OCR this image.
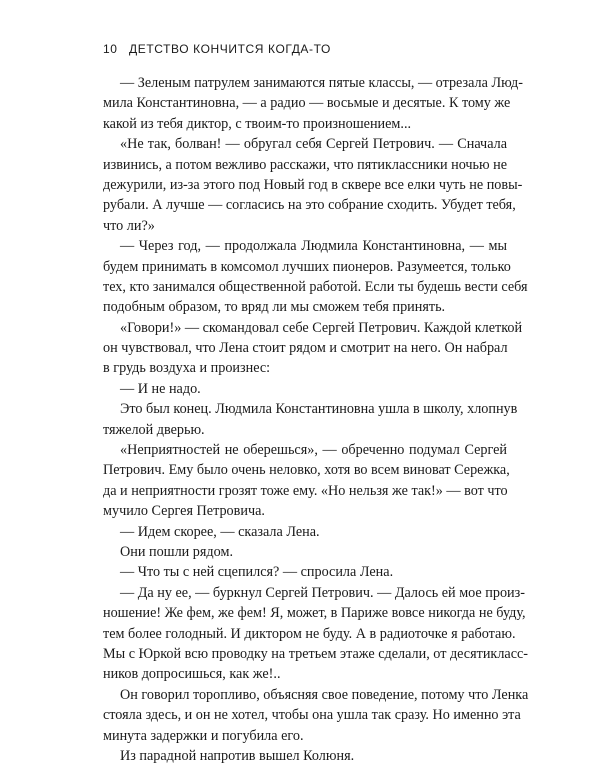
10 ДЕТСТВО КОНЧИТСЯ КОГДА-ТО
— Зеленым патрулем занимаются пятые классы, — отрезала Люд-
мила Константиновна, — а радио — восьмые и десятые. К тому же
какой из тебя диктор, с твоим-то произношением...
«Не так, болван! — обругал себя Сергей Петрович. — Сначала
извинись, а потом вежливо расскажи, что пятиклассники ночью не
дежурили, из-за этого под Новый год в сквере все елки чуть не повы-
рубали. А лучше — согласись на это собрание сходить. Убудет тебя,
что ли?»
— Через год, — продолжала Людмила Константиновна, — мы
будем принимать в комсомол лучших пионеров. Разумеется, только
тех, кто занимался общественной работой. Если ты будешь вести себя
подобным образом, то вряд ли мы сможем тебя принять.
«Говори!» — скомандовал себе Сергей Петрович. Каждой клеткой
он чувствовал, что Лена стоит рядом и смотрит на него. Он набрал
в грудь воздуха и произнес:
— И не надо.
Это был конец. Людмила Константиновна ушла в школу, хлопнув
тяжелой дверью.
«Неприятностей не оберешься», — обреченно подумал Сергей
Петрович. Ему было очень неловко, хотя во всем виноват Сережка,
да и неприятности грозят тоже ему. «Но нельзя же так!» — вот что
мучило Сергея Петровича.
— Идем скорее, — сказала Лена.
Они пошли рядом.
— Что ты с ней сцепился? — спросила Лена.
— Да ну ее, — буркнул Сергей Петрович. — Далось ей мое произ-
ношение! Же фем, же фем! Я, может, в Париже вовсе никогда не буду,
тем более голодный. И диктором не буду. А в радиоточке я работаю.
Мы с Юркой всю проводку на третьем этаже сделали, от десятикласс-
ников допросишься, как же!..
Он говорил торопливо, объясняя свое поведение, потому что Ленка
стояла здесь, и он не хотел, чтобы она ушла так сразу. Но именно эта
минута задержки и погубила его.
Из парадной напротив вышел Колюня.
